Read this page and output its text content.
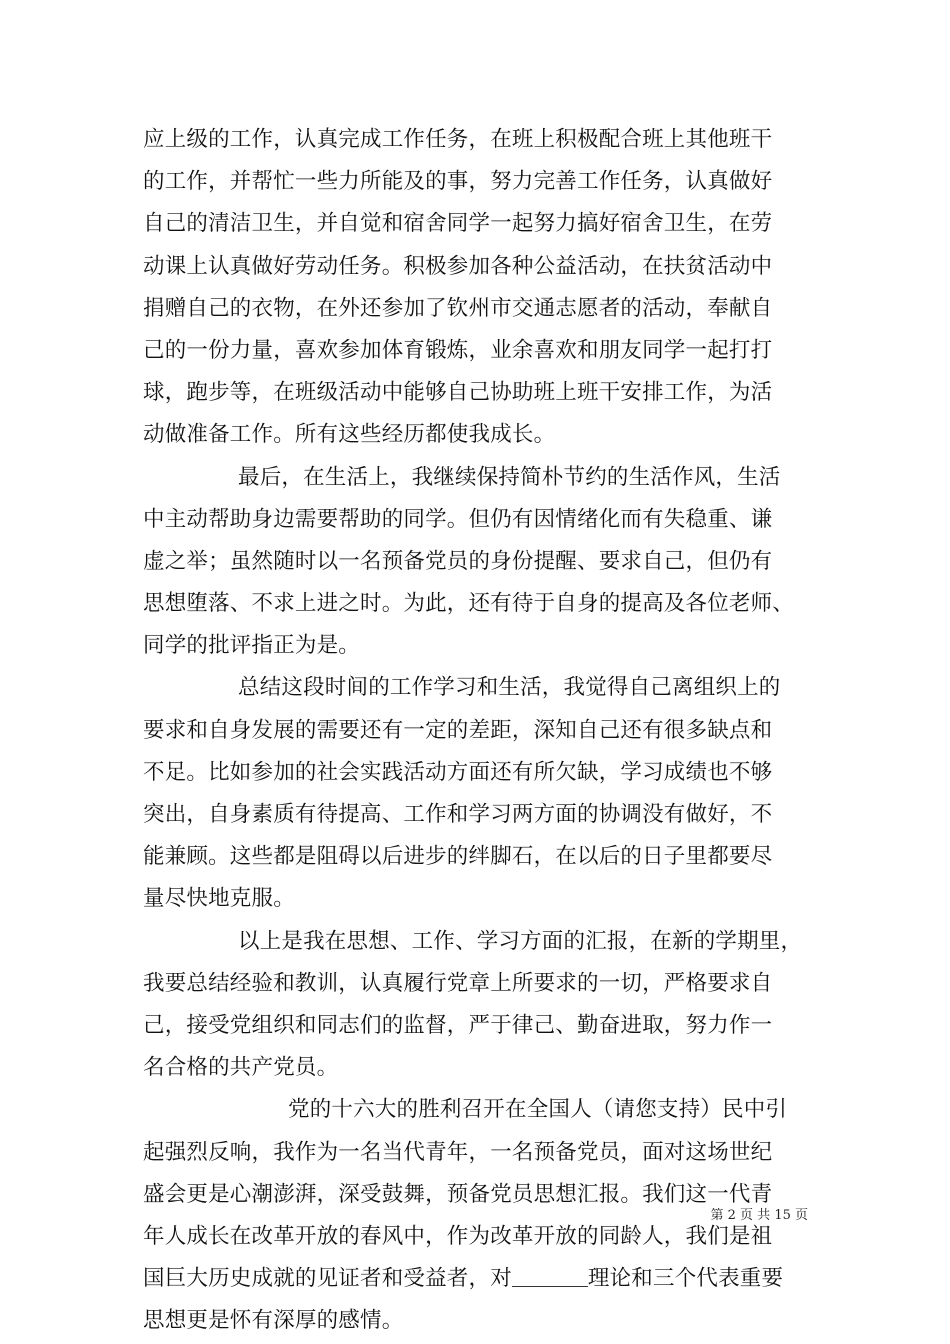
应上级的工作，认真完成工作任务，在班上积极配合班上其他班干
的工作，并帮忙一些力所能及的事，努力完善工作任务，认真做好
自己的清洁卫生，并自觉和宿舍同学一起努力搞好宿舍卫生，在劳
动课上认真做好劳动任务。积极参加各种公益活动，在扶贫活动中
捐赠自己的衣物，在外还参加了钦州市交通志愿者的活动，奉献自
己的一份力量，喜欢参加体育锻炼，业余喜欢和朋友同学一起打打
球，跑步等，在班级活动中能够自己协助班上班干安排工作，为活
动做准备工作。所有这些经历都使我成长。
最后，在生活上，我继续保持简朴节约的生活作风，生活
中主动帮助身边需要帮助的同学。但仍有因情绪化而有失稳重、谦
虚之举；虽然随时以一名预备党员的身份提醒、要求自己，但仍有
思想堕落、不求上进之时。为此，还有待于自身的提高及各位老师、
同学的批评指正为是。
总结这段时间的工作学习和生活，我觉得自己离组织上的
要求和自身发展的需要还有一定的差距，深知自己还有很多缺点和
不足。比如参加的社会实践活动方面还有所欠缺，学习成绩也不够
突出，自身素质有待提高、工作和学习两方面的协调没有做好，不
能兼顾。这些都是阻碍以后进步的绊脚石，在以后的日子里都要尽
量尽快地克服。
以上是我在思想、工作、学习方面的汇报，在新的学期里，
我要总结经验和教训，认真履行党章上所要求的一切，严格要求自
己，接受党组织和同志们的监督，严于律己、勤奋进取，努力作一
名合格的共产党员。
党的十六大的胜利召开在全国人（请您支持）民中引
起强烈反响，我作为一名当代青年，一名预备党员，面对这场世纪
盛会更是心潮澎湃，深受鼓舞，预备党员思想汇报。我们这一代青
年人成长在改革开放的春风中，作为改革开放的同龄人，我们是祖
国巨大历史成就的见证者和受益者，对	理论和三个代表重要
思想更是怀有深厚的感情。
第 2 页 共 15 页
